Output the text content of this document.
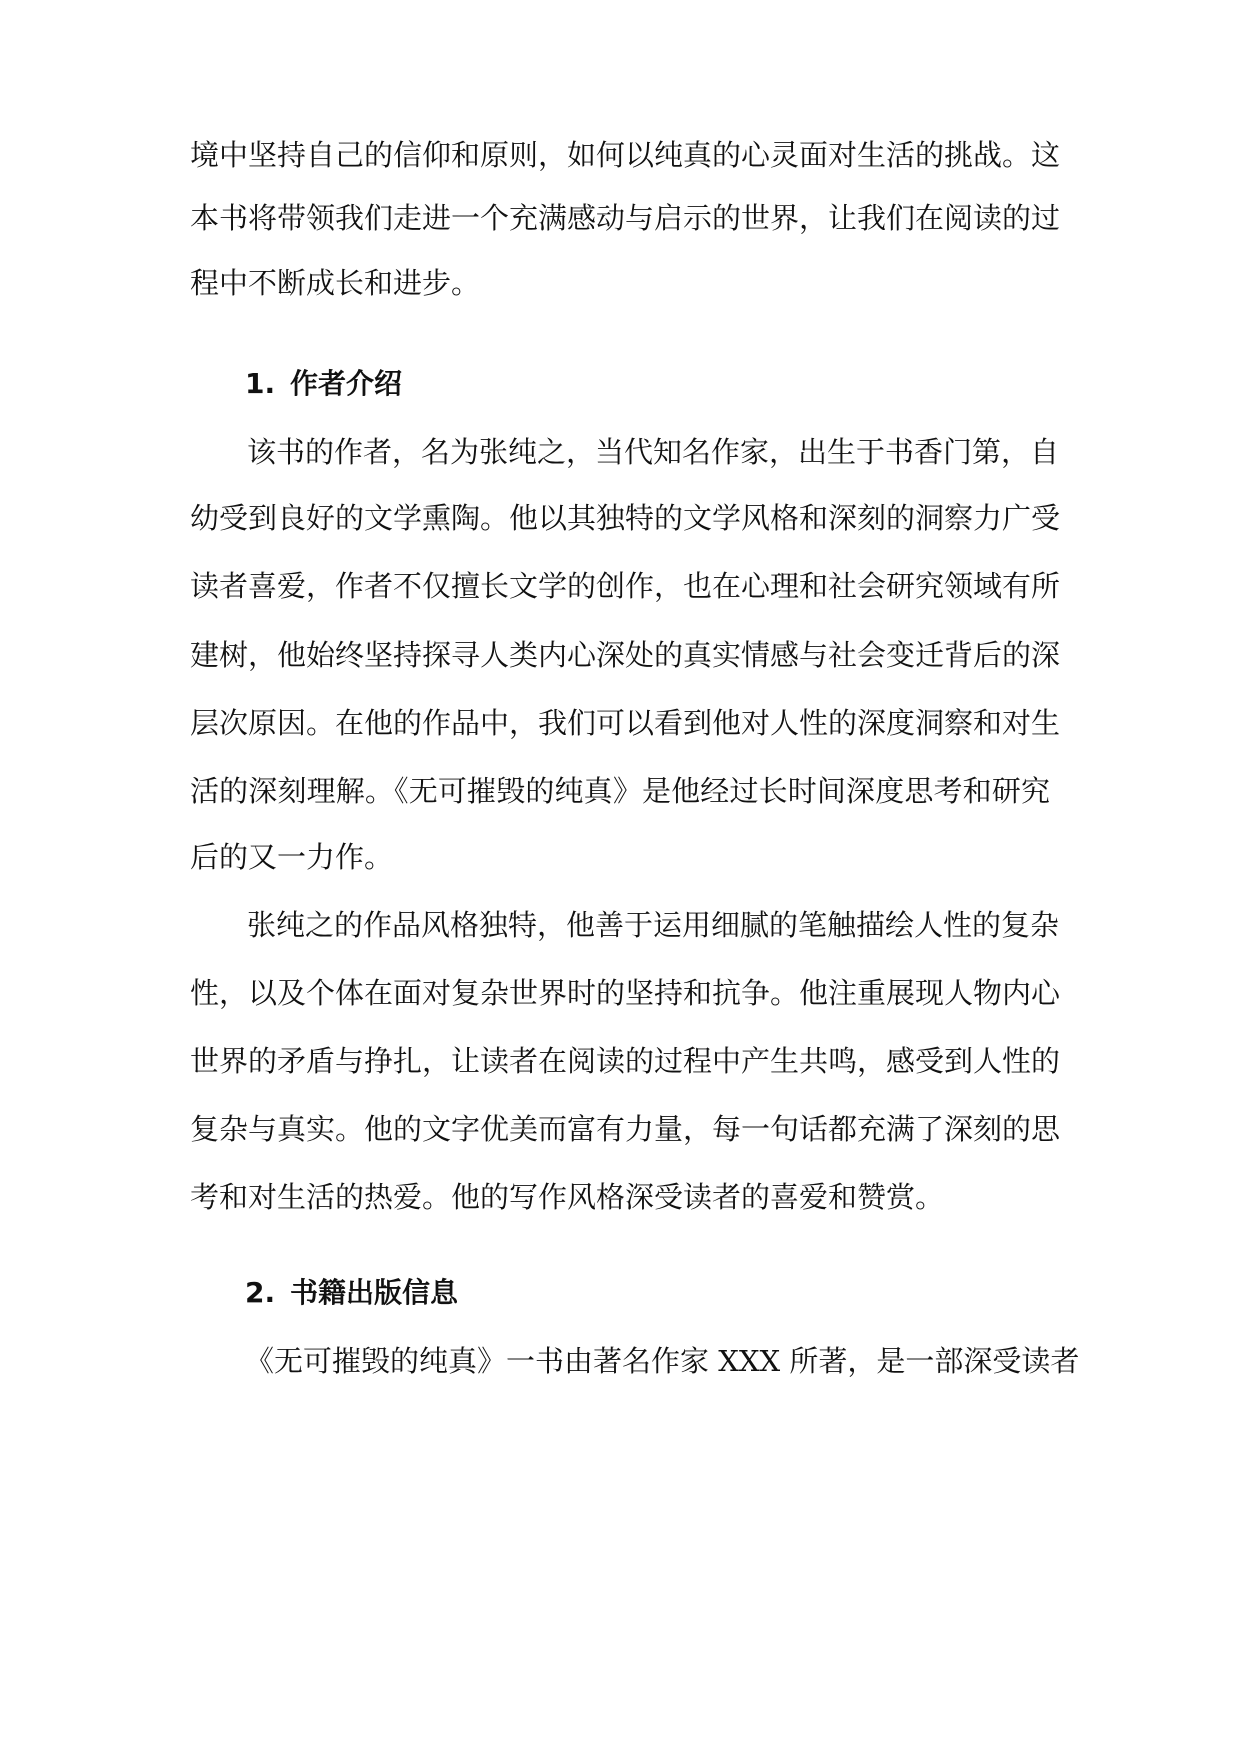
境中坚持自己的信仰和原则，如何以纯真的心灵面对生活的挑战。这
本书将带领我们走进一个充满感动与启示的世界，让我们在阅读的过
程中不断成长和进步。
1. 作者介绍
该书的作者，名为张纯之，当代知名作家，出生于书香门第，自
幼受到良好的文学熏陶。他以其独特的文学风格和深刻的洞察力广受
读者喜爱，作者不仅擅长文学的创作，也在心理和社会研究领域有所
建树，他始终坚持探寻人类内心深处的真实情感与社会变迁背后的深
层次原因。在他的作品中，我们可以看到他对人性的深度洞察和对生
活的深刻理解。《无可摧毁的纯真》是他经过长时间深度思考和研究
后的又一力作。
张纯之的作品风格独特，他善于运用细腻的笔触描绘人性的复杂
性，以及个体在面对复杂世界时的坚持和抗争。他注重展现人物内心
世界的矛盾与挣扎，让读者在阅读的过程中产生共鸣，感受到人性的
复杂与真实。他的文字优美而富有力量，每一句话都充满了深刻的思
考和对生活的热爱。他的写作风格深受读者的喜爱和赞赏。
2. 书籍出版信息
《无可摧毁的纯真》一书由著名作家 XXX 所著，是一部深受读者
